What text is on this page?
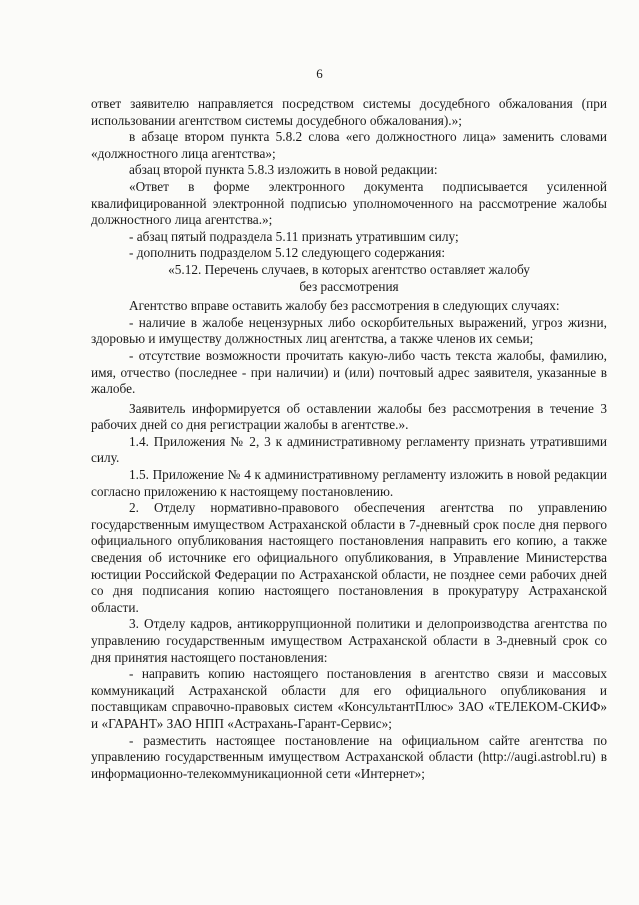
6

ответ заявителю направляется посредством системы досудебного обжалования (при использовании агентством системы досудебного обжалования).»;

в абзаце втором пункта 5.8.2 слова «его должностного лица» заменить словами «должностного лица агентства»;

абзац второй пункта 5.8.3 изложить в новой редакции:

«Ответ в форме электронного документа подписывается усиленной квалифицированной электронной подписью уполномоченного на рассмотрение жалобы должностного лица агентства.»;

- абзац пятый подраздела 5.11 признать утратившим силу;

- дополнить подразделом 5.12 следующего содержания:

«5.12. Перечень случаев, в которых агентство оставляет жалобу

без рассмотрения

Агентство вправе оставить жалобу без рассмотрения в следующих случаях:

- наличие в жалобе нецензурных либо оскорбительных выражений, угроз жизни, здоровью и имуществу должностных лиц агентства, а также членов их семьи;

- отсутствие возможности прочитать какую-либо часть текста жалобы, фамилию, имя, отчество (последнее - при наличии) и (или) почтовый адрес заявителя, указанные в жалобе.

Заявитель информируется об оставлении жалобы без рассмотрения в течение 3 рабочих дней со дня регистрации жалобы в агентстве.».

1.4. Приложения № 2, 3 к административному регламенту признать утратившими силу.

1.5. Приложение № 4 к административному регламенту изложить в новой редакции согласно приложению к настоящему постановлению.

2. Отделу нормативно-правового обеспечения агентства по управлению государственным имуществом Астраханской области в 7-дневный срок после дня первого официального опубликования настоящего постановления направить его копию, а также сведения об источнике его официального опубликования, в Управление Министерства юстиции Российской Федерации по Астраханской области, не позднее семи рабочих дней со дня подписания копию настоящего постановления в прокуратуру Астраханской области.

3. Отделу кадров, антикоррупционной политики и делопроизводства агентства по управлению государственным имуществом Астраханской области в 3-дневный срок со дня принятия настоящего постановления:

- направить копию настоящего постановления в агентство связи и массовых коммуникаций Астраханской области для его официального опубликования и поставщикам справочно-правовых систем «КонсультантПлюс» ЗАО «ТЕЛЕКОМ-СКИФ» и «ГАРАНТ» ЗАО НПП «Астрахань-Гарант-Сервис»;

- разместить настоящее постановление на официальном сайте агентства по управлению государственным имуществом Астраханской области (http://augi.astrobl.ru) в информационно-телекоммуникационной сети «Интернет»;
